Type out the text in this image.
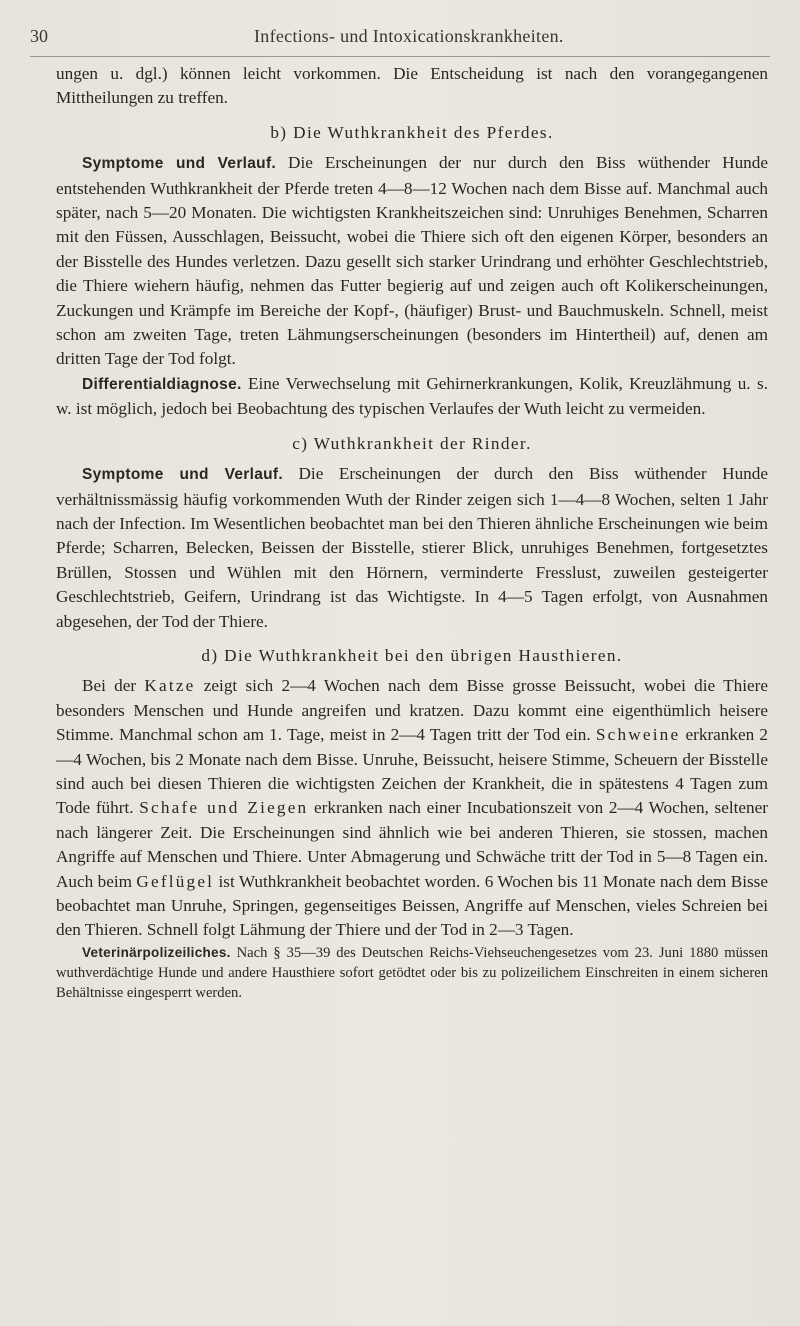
30	Infections- und Intoxicationskrankheiten.

ungen u. dgl.) können leicht vorkommen. Die Entscheidung ist nach den vorangegangenen Mittheilungen zu treffen.

b) Die Wuthkrankheit des Pferdes.

Symptome und Verlauf. Die Erscheinungen der nur durch den Biss wüthender Hunde entstehenden Wuthkrankheit der Pferde treten 4—8—12 Wochen nach dem Bisse auf. Manchmal auch später, nach 5—20 Monaten. Die wichtigsten Krankheitszeichen sind: Unruhiges Benehmen, Scharren mit den Füssen, Ausschlagen, Beissucht, wobei die Thiere sich oft den eigenen Körper, besonders an der Bisstelle des Hundes verletzen. Dazu gesellt sich starker Urindrang und erhöhter Geschlechtstrieb, die Thiere wiehern häufig, nehmen das Futter begierig auf und zeigen auch oft Kolikerscheinungen, Zuckungen und Krämpfe im Bereiche der Kopf-, (häufiger) Brust- und Bauchmuskeln. Schnell, meist schon am zweiten Tage, treten Lähmungserscheinungen (besonders im Hintertheil) auf, denen am dritten Tage der Tod folgt.

Differentialdiagnose. Eine Verwechselung mit Gehirnerkrankungen, Kolik, Kreuzlähmung u. s. w. ist möglich, jedoch bei Beobachtung des typischen Verlaufes der Wuth leicht zu vermeiden.

c) Wuthkrankheit der Rinder.

Symptome und Verlauf. Die Erscheinungen der durch den Biss wüthender Hunde verhältnissmässig häufig vorkommenden Wuth der Rinder zeigen sich 1—4—8 Wochen, selten 1 Jahr nach der Infection. Im Wesentlichen beobachtet man bei den Thieren ähnliche Erscheinungen wie beim Pferde; Scharren, Belecken, Beissen der Bisstelle, stierer Blick, unruhiges Benehmen, fortgesetztes Brüllen, Stossen und Wühlen mit den Hörnern, verminderte Fresslust, zuweilen gesteigerter Geschlechtstrieb, Geifern, Urindrang ist das Wichtigste. In 4—5 Tagen erfolgt, von Ausnahmen abgesehen, der Tod der Thiere.

d) Die Wuthkrankheit bei den übrigen Hausthieren.

Bei der Katze zeigt sich 2—4 Wochen nach dem Bisse grosse Beissucht, wobei die Thiere besonders Menschen und Hunde angreifen und kratzen. Dazu kommt eine eigenthümlich heisere Stimme. Manchmal schon am 1. Tage, meist in 2—4 Tagen tritt der Tod ein. Schweine erkranken 2—4 Wochen, bis 2 Monate nach dem Bisse. Unruhe, Beissucht, heisere Stimme, Scheuern der Bisstelle sind auch bei diesen Thieren die wichtigsten Zeichen der Krankheit, die in spätestens 4 Tagen zum Tode führt. Schafe und Ziegen erkranken nach einer Incubationszeit von 2—4 Wochen, seltener nach längerer Zeit. Die Erscheinungen sind ähnlich wie bei anderen Thieren, sie stossen, machen Angriffe auf Menschen und Thiere. Unter Abmagerung und Schwäche tritt der Tod in 5—8 Tagen ein. Auch beim Geflügel ist Wuthkrankheit beobachtet worden. 6 Wochen bis 11 Monate nach dem Bisse beobachtet man Unruhe, Springen, gegenseitiges Beissen, Angriffe auf Menschen, vieles Schreien bei den Thieren. Schnell folgt Lähmung der Thiere und der Tod in 2—3 Tagen.

Veterinärpolizeiliches. Nach § 35—39 des Deutschen Reichs-Viehseuchengesetzes vom 23. Juni 1880 müssen wuthverdächtige Hunde und andere Hausthiere sofort getödtet oder bis zu polizeilichem Einschreiten in einem sicheren Behältnisse eingesperrt werden.
